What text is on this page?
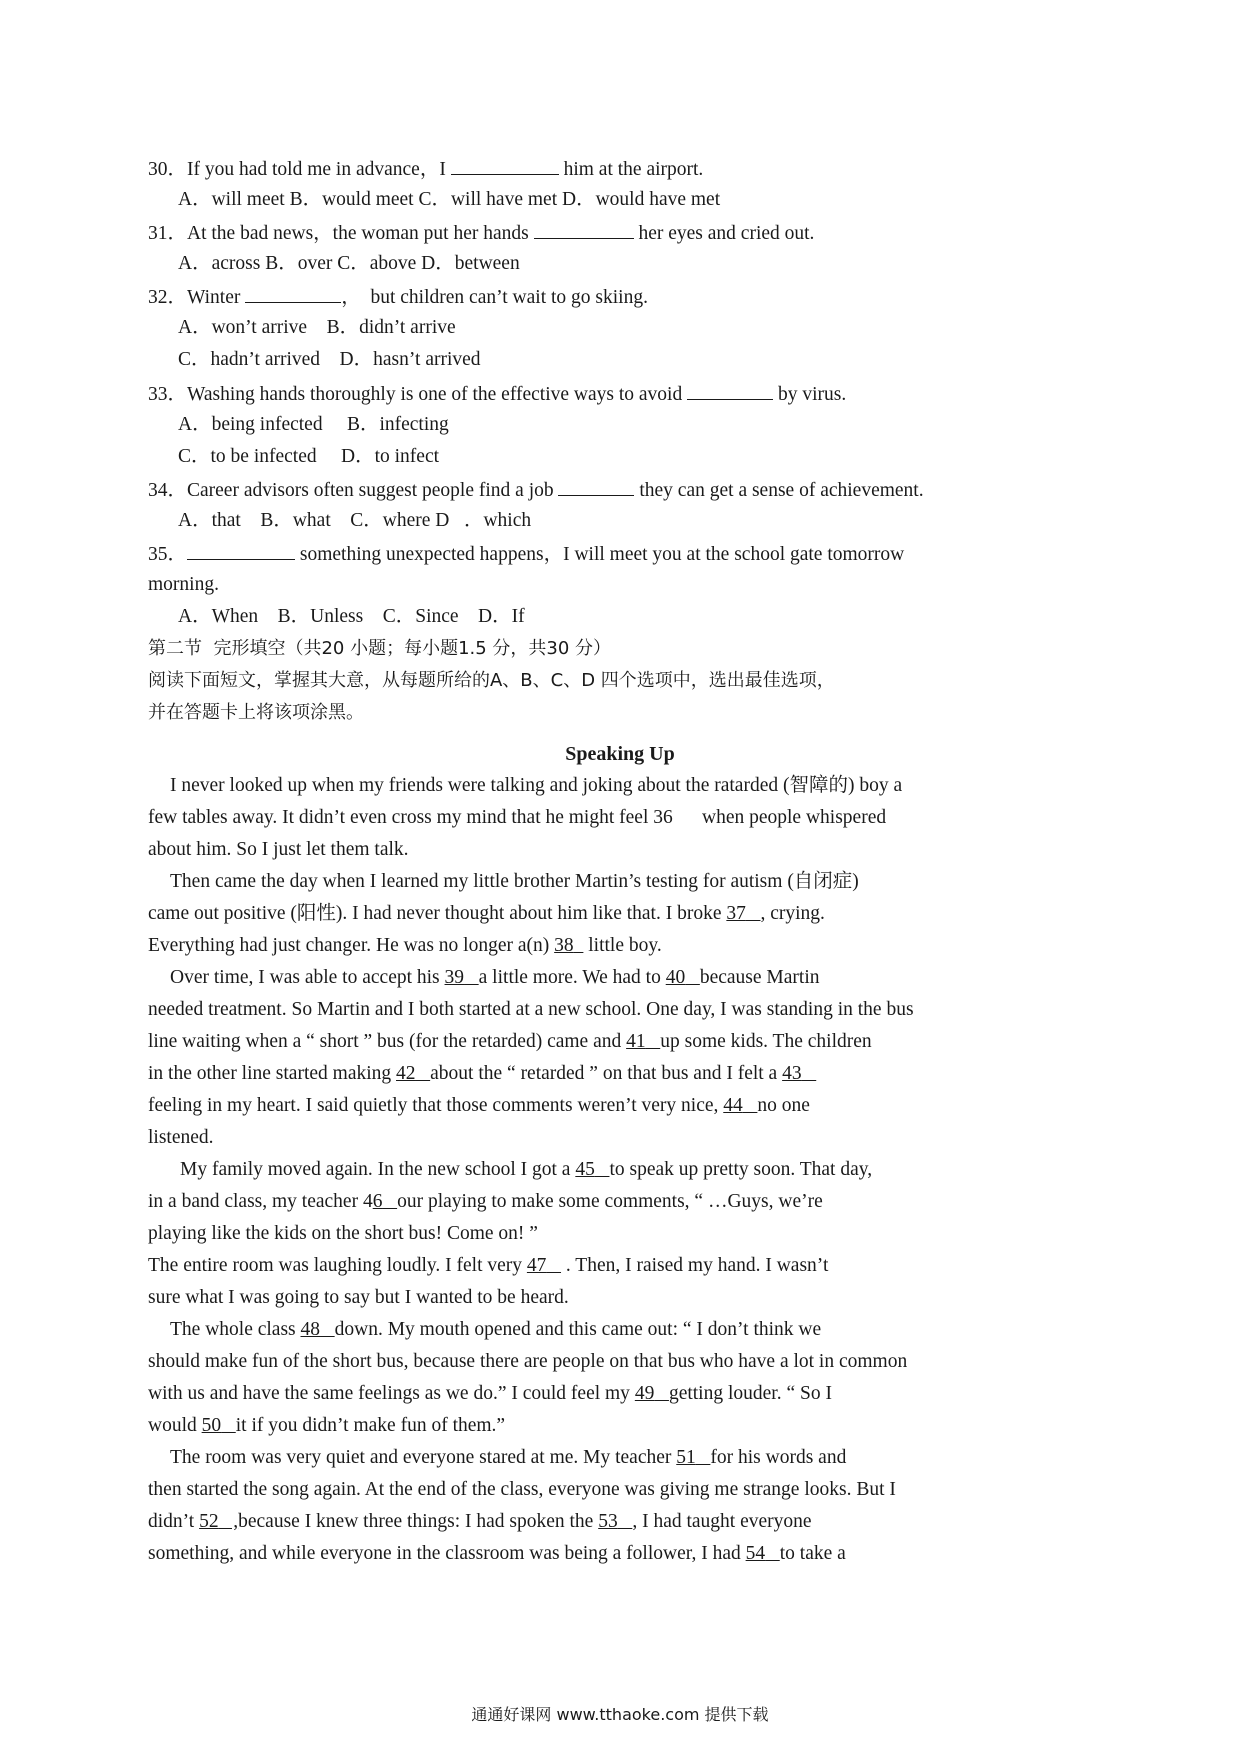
30．If you had told me in advance，I	him at the airport.
A．will meet B．would meet C．will have met D．would have met
31．At the bad news，the woman put her hands	her eyes and cried out.
A．across B．over C．above D．between
32．Winter	，  but children can’t wait to go skiing.
A．won’t arrive    B．didn’t arrive
C．hadn’t arrived    D．hasn’t arrived
33．Washing hands thoroughly is one of the effective ways to avoid	by virus.
A．being infected     B．infecting
C．to be infected     D．to infect
34．Career advisors often suggest people find a job	they can get a sense of achievement.
A．that    B．what    C．where D   ．which
35．	something unexpected happens，I will meet you at the school gate tomorrow
morning.
A．When    B．Unless    C．Since    D．If
第二节  完形填空（共20 小题；每小题1.5 分，共30 分）
阅读下面短文，掌握其大意，从每题所给的A、B、C、D 四个选项中，选出最佳选项，
并在答题卡上将该项涂黑。
Speaking Up
I never looked up when my friends were talking and joking about the ratarded (智障的) boy a
few tables away. It didn’t even cross my mind that he might feel 36      when people whispered
about him. So I just let them talk.
Then came the day when I learned my little brother Martin’s testing for autism (自闭症)
came out positive (阳性). I had never thought about him like that. I broke 37 , crying.
Everything had just changer. He was no longer a(n) 38   little boy.
Over time, I was able to accept his 39 a little more. We had to 40 because Martin
needed treatment. So Martin and I both started at a new school. One day, I was standing in the bus
line waiting when a “ short ” bus (for the retarded) came and 41 up some kids. The children
in the other line started making 42 about the “ retarded ” on that bus and I felt a 43
feeling in my heart. I said quietly that those comments weren’t very nice, 44 no one
listened.
My family moved again. In the new school I got a 45 to speak up pretty soon. That day,
in a band class, my teacher 46 our playing to make some comments, “ …Guys, we’re
playing like the kids on the short bus! Come on! ”
The entire room was laughing loudly. I felt very 47    . Then, I raised my hand. I wasn’t
sure what I was going to say but I wanted to be heard.
The whole class 48 down. My mouth opened and this came out: “ I don’t think we
should make fun of the short bus, because there are people on that bus who have a lot in common
with us and have the same feelings as we do.” I could feel my 49 getting louder. “ So I
would 50 it if you didn’t make fun of them.”
The room was very quiet and everyone stared at me. My teacher 51 for his words and
then started the song again. At the end of the class, everyone was giving me strange looks. But I
didn’t 52   ,because I knew three things: I had spoken the 53 , I had taught everyone
something, and while everyone in the classroom was being a follower, I had 54 to take a
通通好课网 www.tthaoke.com 提供下载
